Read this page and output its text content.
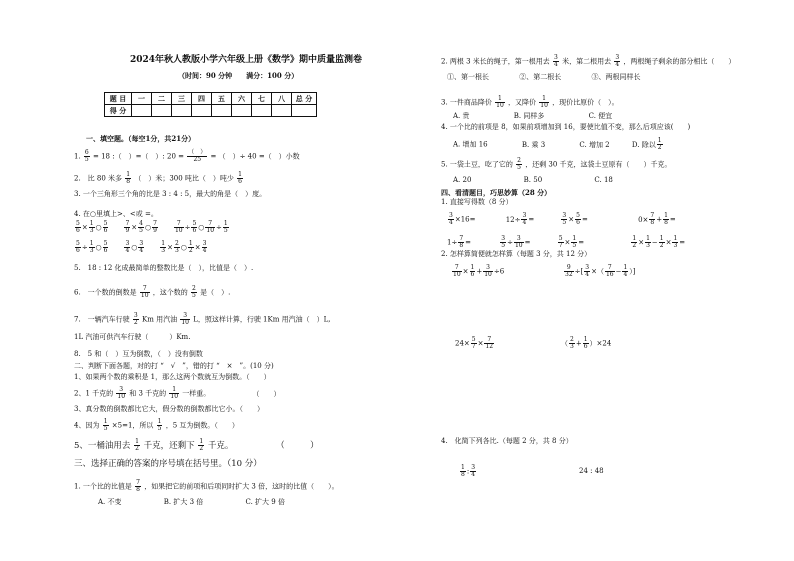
2024年秋人教版小学六年级上册《数学》期中质量监测卷
（时间：90 分钟　　满分：100 分）
题 目	一	二	三	四	五	六	七	八	总 分
得 分									
一、填空题。（每空1分，共21分）
1. $\frac{6}{5} = 18$ :（　）=（　）: 20 = （　）
25	= （　）÷ 40 =（　）小数
2.　比 80 米多 $\frac{1}{8}$ （　）米；300 吨比（　）吨少 $\frac{1}{6}$
3. 一个三角形三个角的比是 3 : 4 : 5，最大的角是（　）度。
4. 在○里填上>、<或 =。
$\frac{5}{6} \times \frac{1}{3}$ ○ $\frac{5}{6}$
　　	$\frac{7}{9} \times \frac{4}{5}$ ○ $\frac{7}{9}$
　　	$\frac{7}{10} \div \frac{5}{6}$ ○ $\frac{7}{10} \div \frac{1}{5}$
$\frac{5}{6} \div \frac{1}{3}$ ○ $\frac{5}{6}$
　　	$\frac{3}{4}$ ○ $\frac{3}{4}$
　　	$\frac{1}{3} \times \frac{2}{3}$ ○ $\frac{1}{2} \times \frac{3}{4}$
5.　18 : 12 化成最简单的整数比是（　），比值是（　）.
6.　一个数的倒数是 $\frac{7}{10}$ ，这个数的 $\frac{2}{5}$ 是（　）.
7.　一辆汽车行驶 $\frac{3}{2}$ Km 用汽油 $\frac{3}{10}$ L，照这样计算，行驶 1Km 用汽油（　）L,
1L 汽油可供汽车行驶（　　　）Km.
8.　5 和（　）互为倒数，（　）没有倒数
二、判断下面各题，对的打 “　√　”，错的打 “　×　”。(10 分)
1、如果两个数的乘积是 1，那么这两个数就互为倒数。（　　）
2、1 千克的 $\frac{3}{10}$ 和 3 千克的 $\frac{1}{10}$ 一样重。	（　　）
3、真分数的倒数都比它大，假分数的倒数都比它小。（　　）
4、因为 $\frac{1}{5} \times 5=1$，所以 $\frac{1}{5}$ ，5 互为倒数。（　　）
5、一桶油用去 $\frac{1}{2}$ 千克，还剩下 $\frac{1}{2}$ 千克。	（　　　）
三、选择正确的答案的序号填在括号里。（10 分）
1. 一个比的比值是 $\frac{7}{8}$ ，如果把它的前项和后项同时扩大 3 倍，这时的比值（　　）。
A. 不变	B. 扩大 3 倍	C. 扩大 9 倍
2. 两根 3 米长的绳子，第一根用去 $\frac{3}{4}$ 米，第二根用去 $\frac{3}{4}$ ，两根绳子剩余的部分相比（　　）
①、第一根长	②、第二根长	③、两根同样长
3. 一件商品降价 $\frac{1}{10}$ ，又降价 $\frac{1}{10}$ ，现价比原价（　）。
A. 贵	B. 同样多	C. 便宜
4. 一个比的前项是 8，如果前项增加到 16，要使比值不变，那么后项应该(　　)
A. 增加 16	B. 乘 3	C. 增加 2	D. 除以 $\frac{1}{2}$
5. 一袋土豆，吃了它的 $\frac{2}{5}$ ，还剩 30 千克，这袋土豆原有（　　）千克。
A. 20	B. 50	C. 18
四、看清题目，巧思妙算（28 分）
1. 直接写得数（8 分）
$\frac{3}{4} \times 16=$	$12\div \frac{3}{4}$ =	$\frac{3}{5} \times \frac{5}{6}$ =	$0\times \frac{7}{8} + \frac{1}{8}$ =
$1\div \frac{7}{8}$ =	$\frac{3}{5} \div \frac{3}{10}$ =	$\frac{5}{7} \times \frac{1}{5}$ =	$\frac{1}{2} \times \frac{1}{3} - \frac{1}{2} \times \frac{1}{3}$ =
2. 怎样算简便就怎样算（每题 3 分，共 12 分）
$\frac{7}{10} \times \frac{1}{6} + \frac{3}{10} \div 6$	$\frac{9}{32}$ ÷[ $\frac{3}{4}$ ×（ $\frac{7}{16} - \frac{1}{4}$ ）]
$24\times \frac{5}{7} \times \frac{7}{12}$	（ $\frac{2}{3} + \frac{1}{6} )\times 24$
4.　化简下列各比.（每题 2 分，共 8 分）
$\frac{1}{8}$ : $\frac{3}{4}$	24 : 48
